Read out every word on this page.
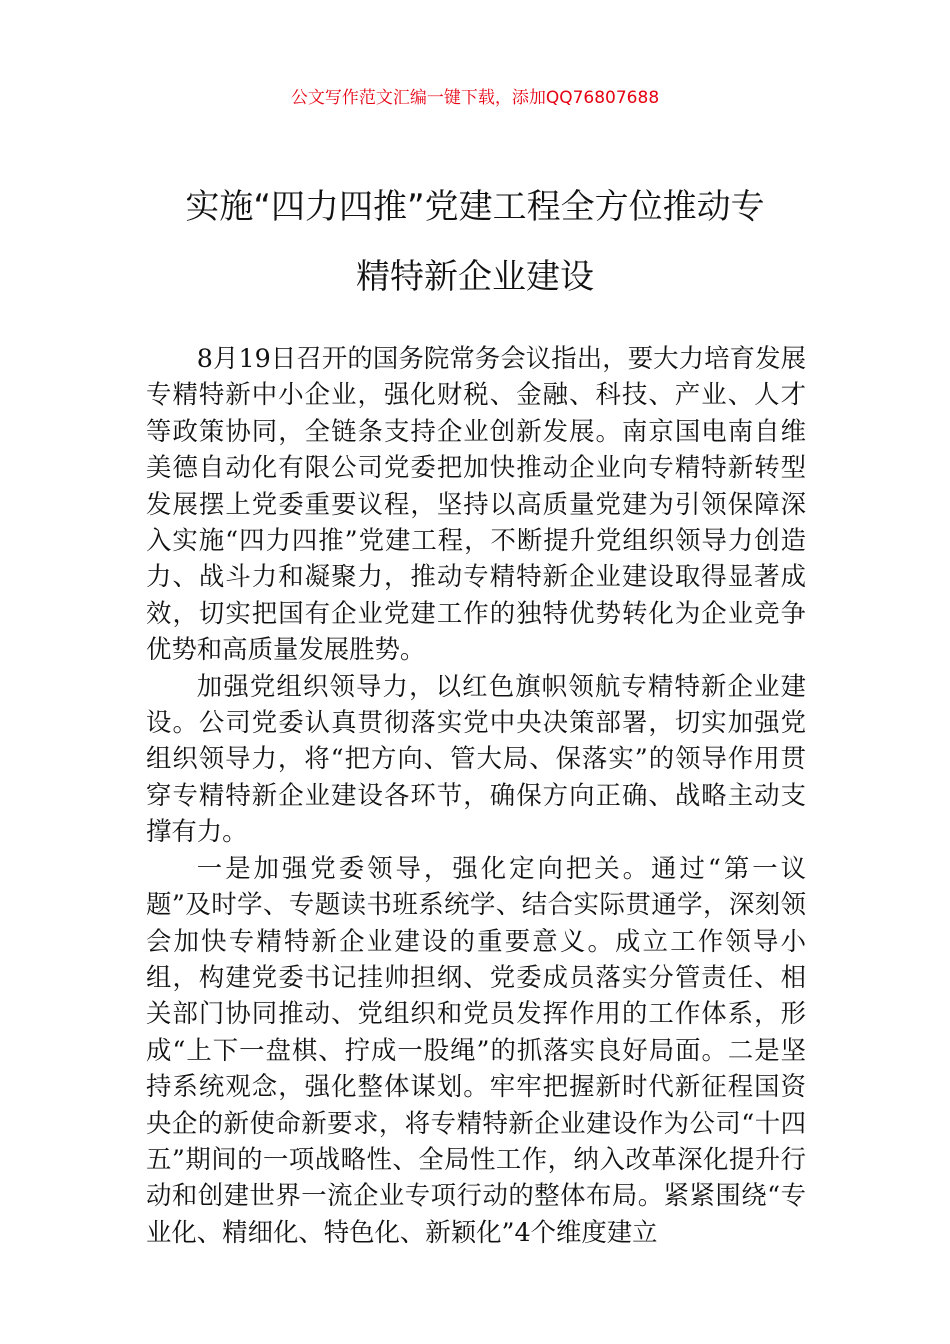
公文写作范文汇编一键下载，添加QQ76807688
实施“四力四推”党建工程全方位推动专
精特新企业建设

8月19日召开的国务院常务会议指出，要大力培育发展专精特新中小企业，强化财税、金融、科技、产业、人才等政策协同，全链条支持企业创新发展。南京国电南自维美德自动化有限公司党委把加快推动企业向专精特新转型发展摆上党委重要议程，坚持以高质量党建为引领保障深入实施“四力四推”党建工程，不断提升党组织领导力创造力、战斗力和凝聚力，推动专精特新企业建设取得显著成效，切实把国有企业党建工作的独特优势转化为企业竞争优势和高质量发展胜势。

加强党组织领导力，以红色旗帜领航专精特新企业建设。公司党委认真贯彻落实党中央决策部署，切实加强党组织领导力，将“把方向、管大局、保落实”的领导作用贯穿专精特新企业建设各环节，确保方向正确、战略主动支撑有力。

一是加强党委领导，强化定向把关。通过“第一议题”及时学、专题读书班系统学、结合实际贯通学，深刻领会加快专精特新企业建设的重要意义。成立工作领导小组，构建党委书记挂帅担纲、党委成员落实分管责任、相关部门协同推动、党组织和党员发挥作用的工作体系，形成“上下一盘棋、拧成一股绳”的抓落实良好局面。二是坚持系统观念，强化整体谋划。牢牢把握新时代新征程国资央企的新使命新要求，将专精特新企业建设作为公司“十四五”期间的一项战略性、全局性工作，纳入改革深化提升行动和创建世界一流企业专项行动的整体布局。紧紧围绕“专业化、精细化、特色化、新颖化”4个维度建立
